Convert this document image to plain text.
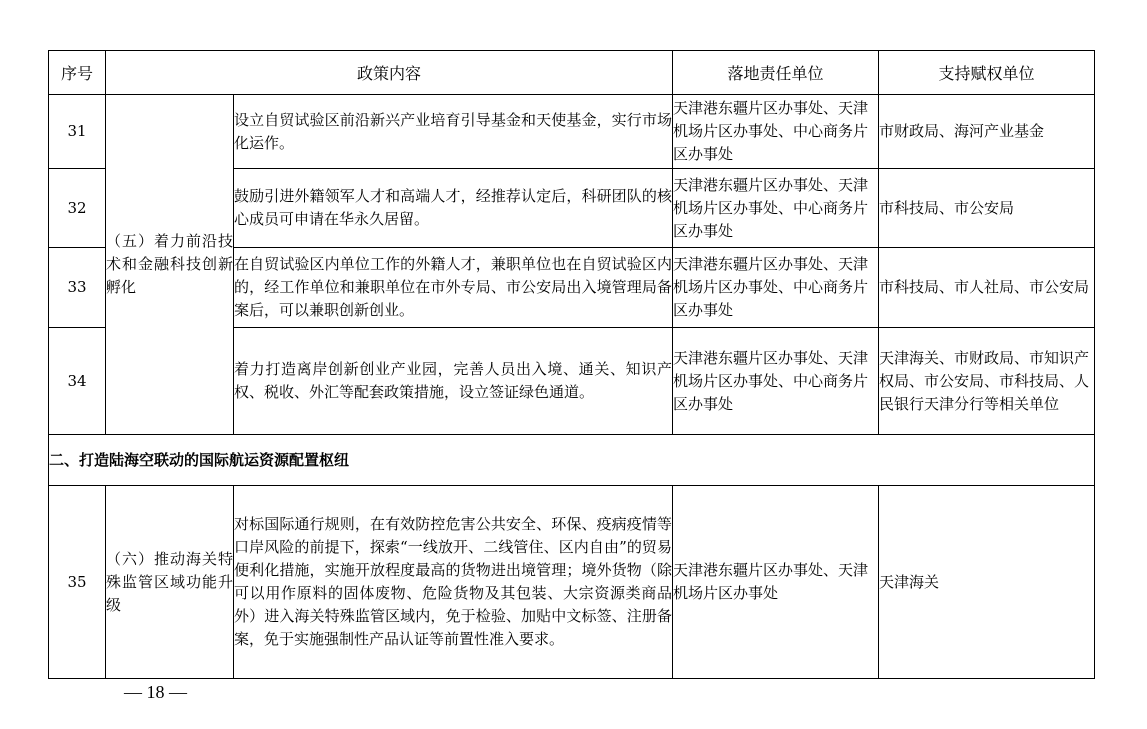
序号	政策内容		落地责任单位	支持赋权单位
31	（五）着力前沿技术和金融科技创新孵化	设立自贸试验区前沿新兴产业培育引导基金和天使基金，实行市场化运作。	天津港东疆片区办事处、天津机场片区办事处、中心商务片区办事处	市财政局、海河产业基金
32		鼓励引进外籍领军人才和高端人才，经推荐认定后，科研团队的核心成员可申请在华永久居留。	天津港东疆片区办事处、天津机场片区办事处、中心商务片区办事处	市科技局、市公安局
33		在自贸试验区内单位工作的外籍人才，兼职单位也在自贸试验区内的，经工作单位和兼职单位在市外专局、市公安局出入境管理局备案后，可以兼职创新创业。	天津港东疆片区办事处、天津机场片区办事处、中心商务片区办事处	市科技局、市人社局、市公安局
34		着力打造离岸创新创业产业园，完善人员出入境、通关、知识产权、税收、外汇等配套政策措施，设立签证绿色通道。	天津港东疆片区办事处、天津机场片区办事处、中心商务片区办事处	天津海关、市财政局、市知识产权局、市公安局、市科技局、人民银行天津分行等相关单位
二、打造陆海空联动的国际航运资源配置枢纽				
35	（六）推动海关特殊监管区域功能升级	对标国际通行规则，在有效防控危害公共安全、环保、疫病疫情等口岸风险的前提下，探索“一线放开、二线管住、区内自由”的贸易便利化措施，实施开放程度最高的货物进出境管理；境外货物（除可以用作原料的固体废物、危险货物及其包装、大宗资源类商品外）进入海关特殊监管区域内，免于检验、加贴中文标签、注册备案，免于实施强制性产品认证等前置性准入要求。	天津港东疆片区办事处、天津机场片区办事处	天津海关
— 18 —
